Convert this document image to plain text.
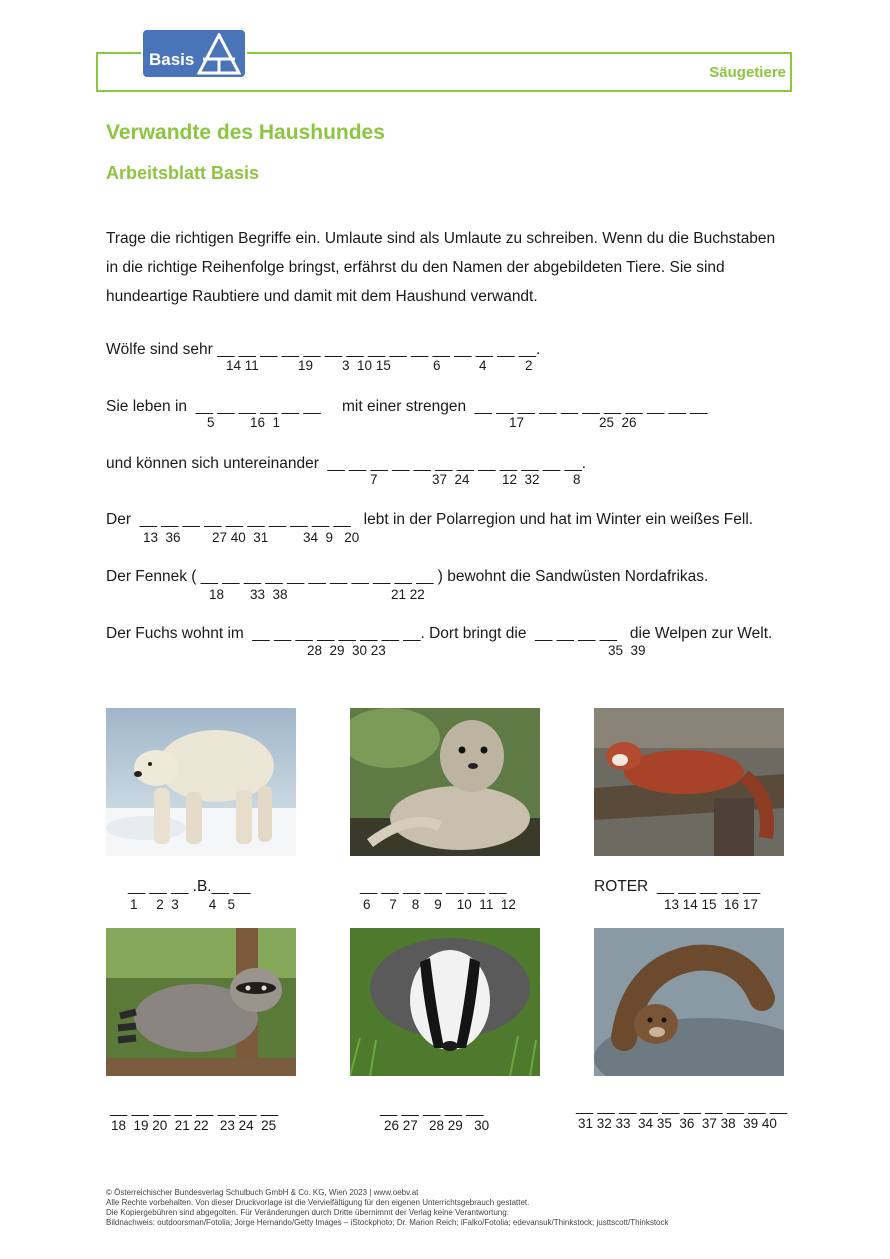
Basis
Säugetiere
Verwandte des Haushundes
Arbeitsblatt Basis

Trage die richtigen Begriffe ein. Umlaute sind als Umlaute zu schreiben. Wenn du die Buchstaben in die richtige Reihenfolge bringst, erfährst du den Namen der abgebildeten Tiere. Sie sind hundeartige Raubtiere und damit mit dem Haushund verwandt.

Wölfe sind sehr __ __ __ __ __ __ __ __ __ __ __ __ __ __ __.
14 11	19 3  10 15	6	4	2
Sie leben in  __ __ __ __ __ __ mit einer strengen  __ __ __ __ __ __ __ __ __ __ __
5	16  1	17	25  26
und können sich untereinander  __ __ __ __ __ __ __ __ __ __ __ __.
7	37  24 12  32 8
Der  __ __ __ __ __ __ __ __ __ __   lebt in der Polarregion und hat im Winter ein weißes Fell.
13  36 27 40  31	34  9   20
Der Fennek ( __ __ __ __ __ __ __ __ __ __ __ ) bewohnt die Sandwüsten Nordafrikas.
18 33  38	21 22
Der Fuchs wohnt im  __ __ __ __ __ __ __ __. Dort bringt die  __ __ __ __   die Welpen zur Welt.
28  29  30 23	35  39
__ __ __ .B.__ __
1     2  3        4   5
__ __ __ __ __ __ __
6     7    8    9    10  11  12
ROTER  __ __ __ __ __
13 14 15  16 17
__ __ __ __ __ __ __ __
18  19 20  21 22   23 24  25
__ __ __ __ __
26 27   28 29   30
__ __ __ __ __ __ __ __ __ __
31 32 33  34 35  36  37 38  39 40
© Österreichischer Bundesverlag Schulbuch GmbH & Co. KG, Wien 2023 | www.oebv.at
Alle Rechte vorbehalten. Von dieser Druckvorlage ist die Vervielfältigung für den eigenen Unterrichtsgebrauch gestattet.
Die Kopiergebühren sind abgegolten. Für Veränderungen durch Dritte übernimmt der Verlag keine Verantwortung.
Bildnachweis: outdoorsman/Fotolia; Jorge Hernando/Getty Images – iStockphoto; Dr. Marion Reich; iFalko/Fotolia; edevansuk/Thinkstock; justtscott/Thinkstock
